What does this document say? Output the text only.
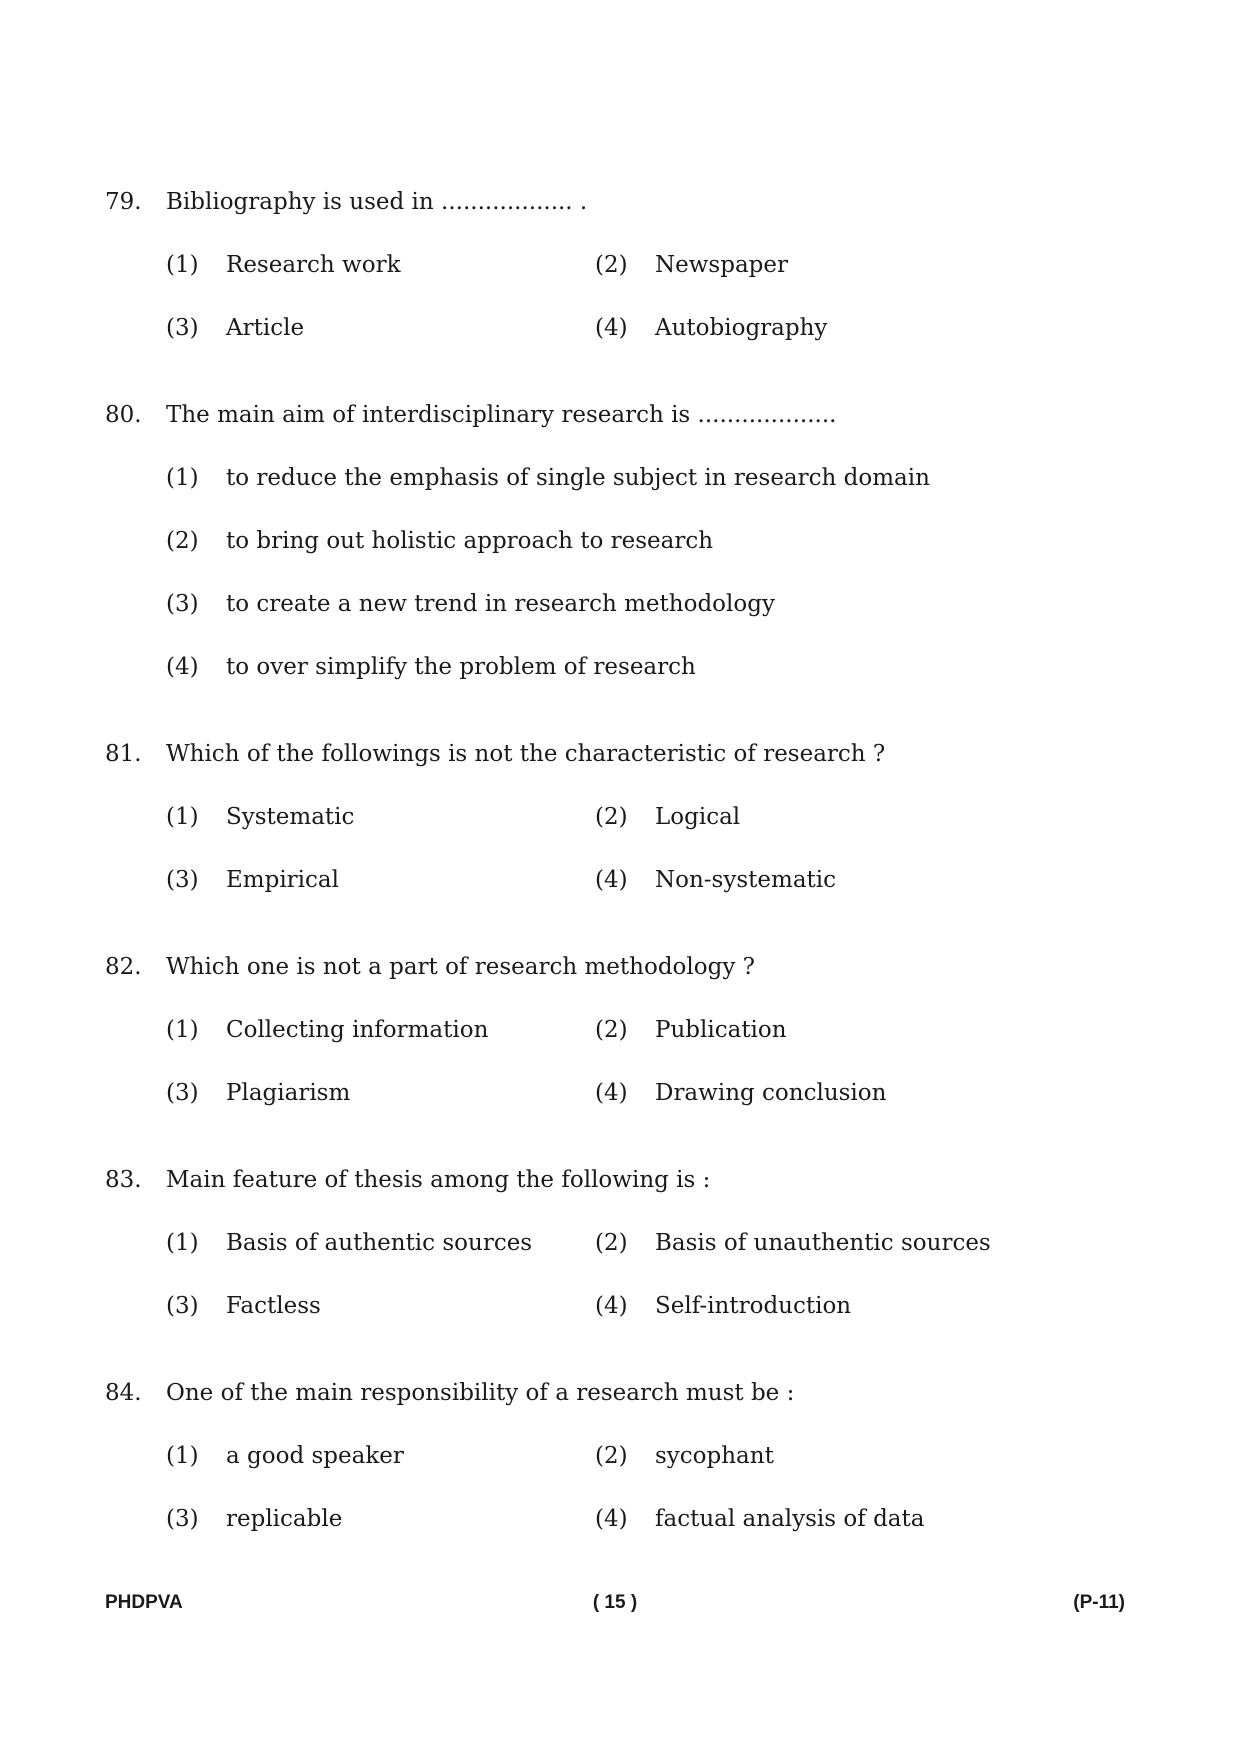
79.	Bibliography is used in .................. .
(1)	Research work	(2)	Newspaper
(3)	Article	(4)	Autobiography
80.	The main aim of interdisciplinary research is ...................
(1)	to reduce the emphasis of single subject in research domain
(2)	to bring out holistic approach to research
(3)	to create a new trend in research methodology
(4)	to over simplify the problem of research
81.	Which of the followings is not the characteristic of research ?
(1)	Systematic	(2)	Logical
(3)	Empirical	(4)	Non-systematic
82.	Which one is not a part of research methodology ?
(1)	Collecting information	(2)	Publication
(3)	Plagiarism	(4)	Drawing conclusion
83.	Main feature of thesis among the following is :
(1)	Basis of authentic sources	(2)	Basis of unauthentic sources
(3)	Factless	(4)	Self-introduction
84.	One of the main responsibility of a research must be :
(1)	a good speaker	(2)	sycophant
(3)	replicable	(4)	factual analysis of data
( 15 )
PHDPVA	(P-11)
